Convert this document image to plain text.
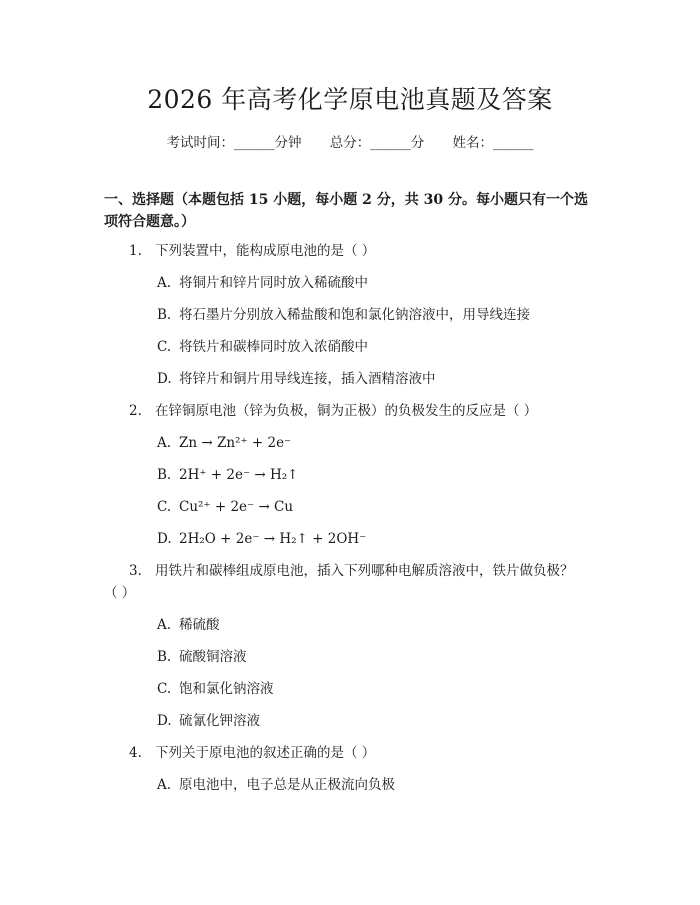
2026 年高考化学原电池真题及答案
考试时间：______分钟 总分：______分 姓名：______
一、选择题（本题包括 15 小题，每小题 2 分，共 30 分。每小题只有一个选项符合题意。）
1. 下列装置中，能构成原电池的是（ ）
A. 将铜片和锌片同时放入稀硫酸中
B. 将石墨片分别放入稀盐酸和饱和氯化钠溶液中，用导线连接
C. 将铁片和碳棒同时放入浓硝酸中
D. 将锌片和铜片用导线连接，插入酒精溶液中
2. 在锌铜原电池（锌为负极，铜为正极）的负极发生的反应是（ ）
A. Zn → Zn²⁺ + 2e⁻
B. 2H⁺ + 2e⁻ → H₂↑
C. Cu²⁺ + 2e⁻ → Cu
D. 2H₂O + 2e⁻ → H₂↑ + 2OH⁻
3. 用铁片和碳棒组成原电池，插入下列哪种电解质溶液中，铁片做负极？
（ ）
A. 稀硫酸
B. 硫酸铜溶液
C. 饱和氯化钠溶液
D. 硫氰化钾溶液
4. 下列关于原电池的叙述正确的是（ ）
A. 原电池中，电子总是从正极流向负极
